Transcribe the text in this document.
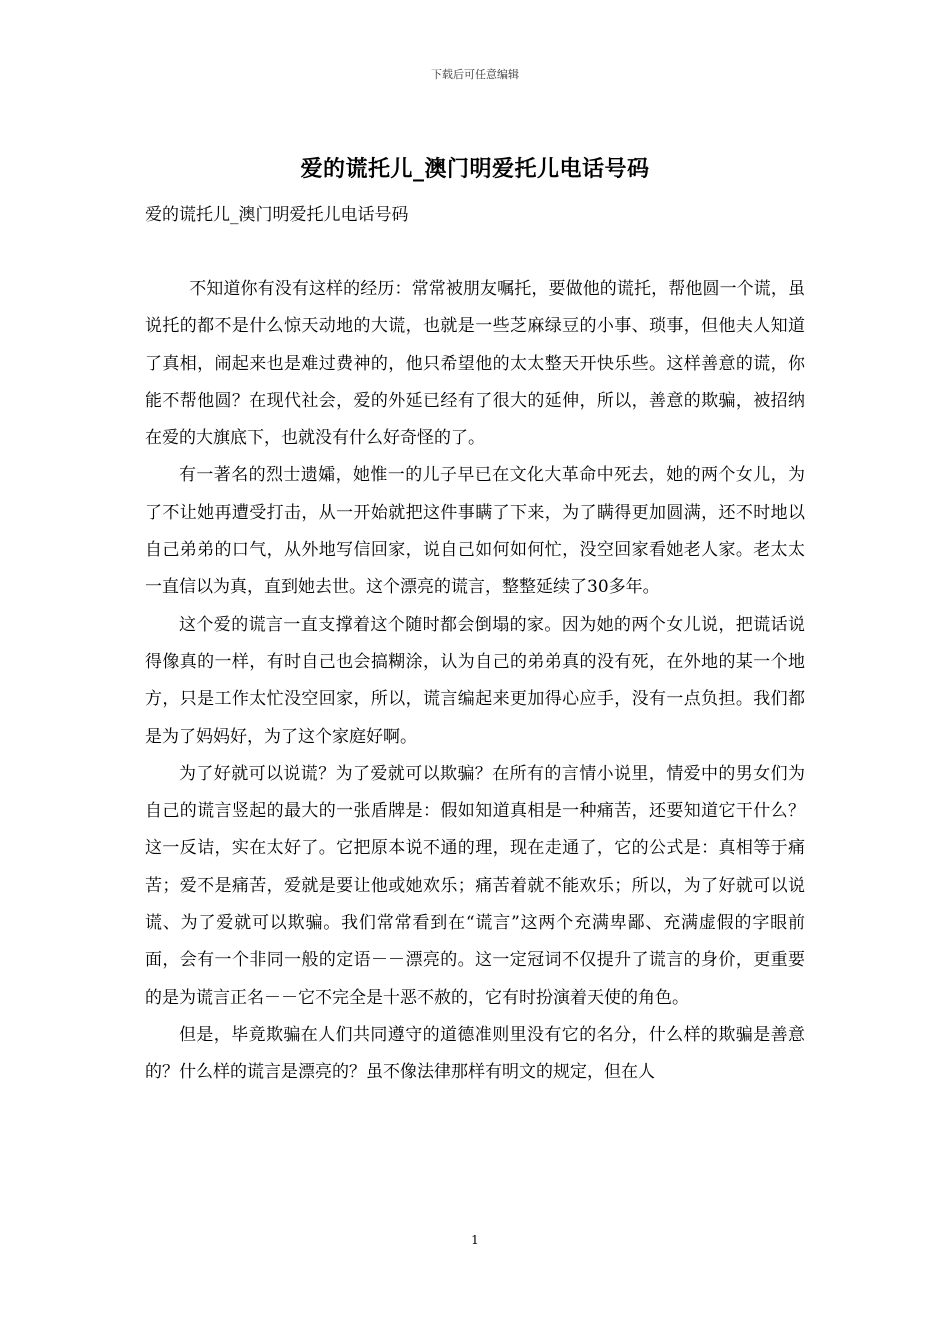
下载后可任意编辑
爱的谎托儿_澳门明爱托儿电话号码
爱的谎托儿_澳门明爱托儿电话号码

不知道你有没有这样的经历：常常被朋友嘱托，要做他的谎托，帮他圆一个谎，虽说托的都不是什么惊天动地的大谎，也就是一些芝麻绿豆的小事、琐事，但他夫人知道了真相，闹起来也是难过费神的，他只希望他的太太整天开快乐些。这样善意的谎，你能不帮他圆？在现代社会，爱的外延已经有了很大的延伸，所以，善意的欺骗，被招纳在爱的大旗底下，也就没有什么好奇怪的了。

有一著名的烈士遗孀，她惟一的儿子早已在文化大革命中死去，她的两个女儿，为了不让她再遭受打击，从一开始就把这件事瞒了下来，为了瞒得更加圆满，还不时地以自己弟弟的口气，从外地写信回家，说自己如何如何忙，没空回家看她老人家。老太太一直信以为真，直到她去世。这个漂亮的谎言，整整延续了30多年。

这个爱的谎言一直支撑着这个随时都会倒塌的家。因为她的两个女儿说，把谎话说得像真的一样，有时自己也会搞糊涂，认为自己的弟弟真的没有死，在外地的某一个地方，只是工作太忙没空回家，所以，谎言编起来更加得心应手，没有一点负担。我们都是为了妈妈好，为了这个家庭好啊。

为了好就可以说谎？为了爱就可以欺骗？在所有的言情小说里，情爱中的男女们为自己的谎言竖起的最大的一张盾牌是：假如知道真相是一种痛苦，还要知道它干什么？这一反诘，实在太好了。它把原本说不通的理，现在走通了，它的公式是：真相等于痛苦；爱不是痛苦，爱就是要让他或她欢乐；痛苦着就不能欢乐；所以，为了好就可以说谎、为了爱就可以欺骗。我们常常看到在“谎言”这两个充满卑鄙、充满虚假的字眼前面，会有一个非同一般的定语－－漂亮的。这一定冠词不仅提升了谎言的身价，更重要的是为谎言正名－－它不完全是十恶不赦的，它有时扮演着天使的角色。

但是，毕竟欺骗在人们共同遵守的道德准则里没有它的名分，什么样的欺骗是善意的？什么样的谎言是漂亮的？虽不像法律那样有明文的规定，但在人

1
